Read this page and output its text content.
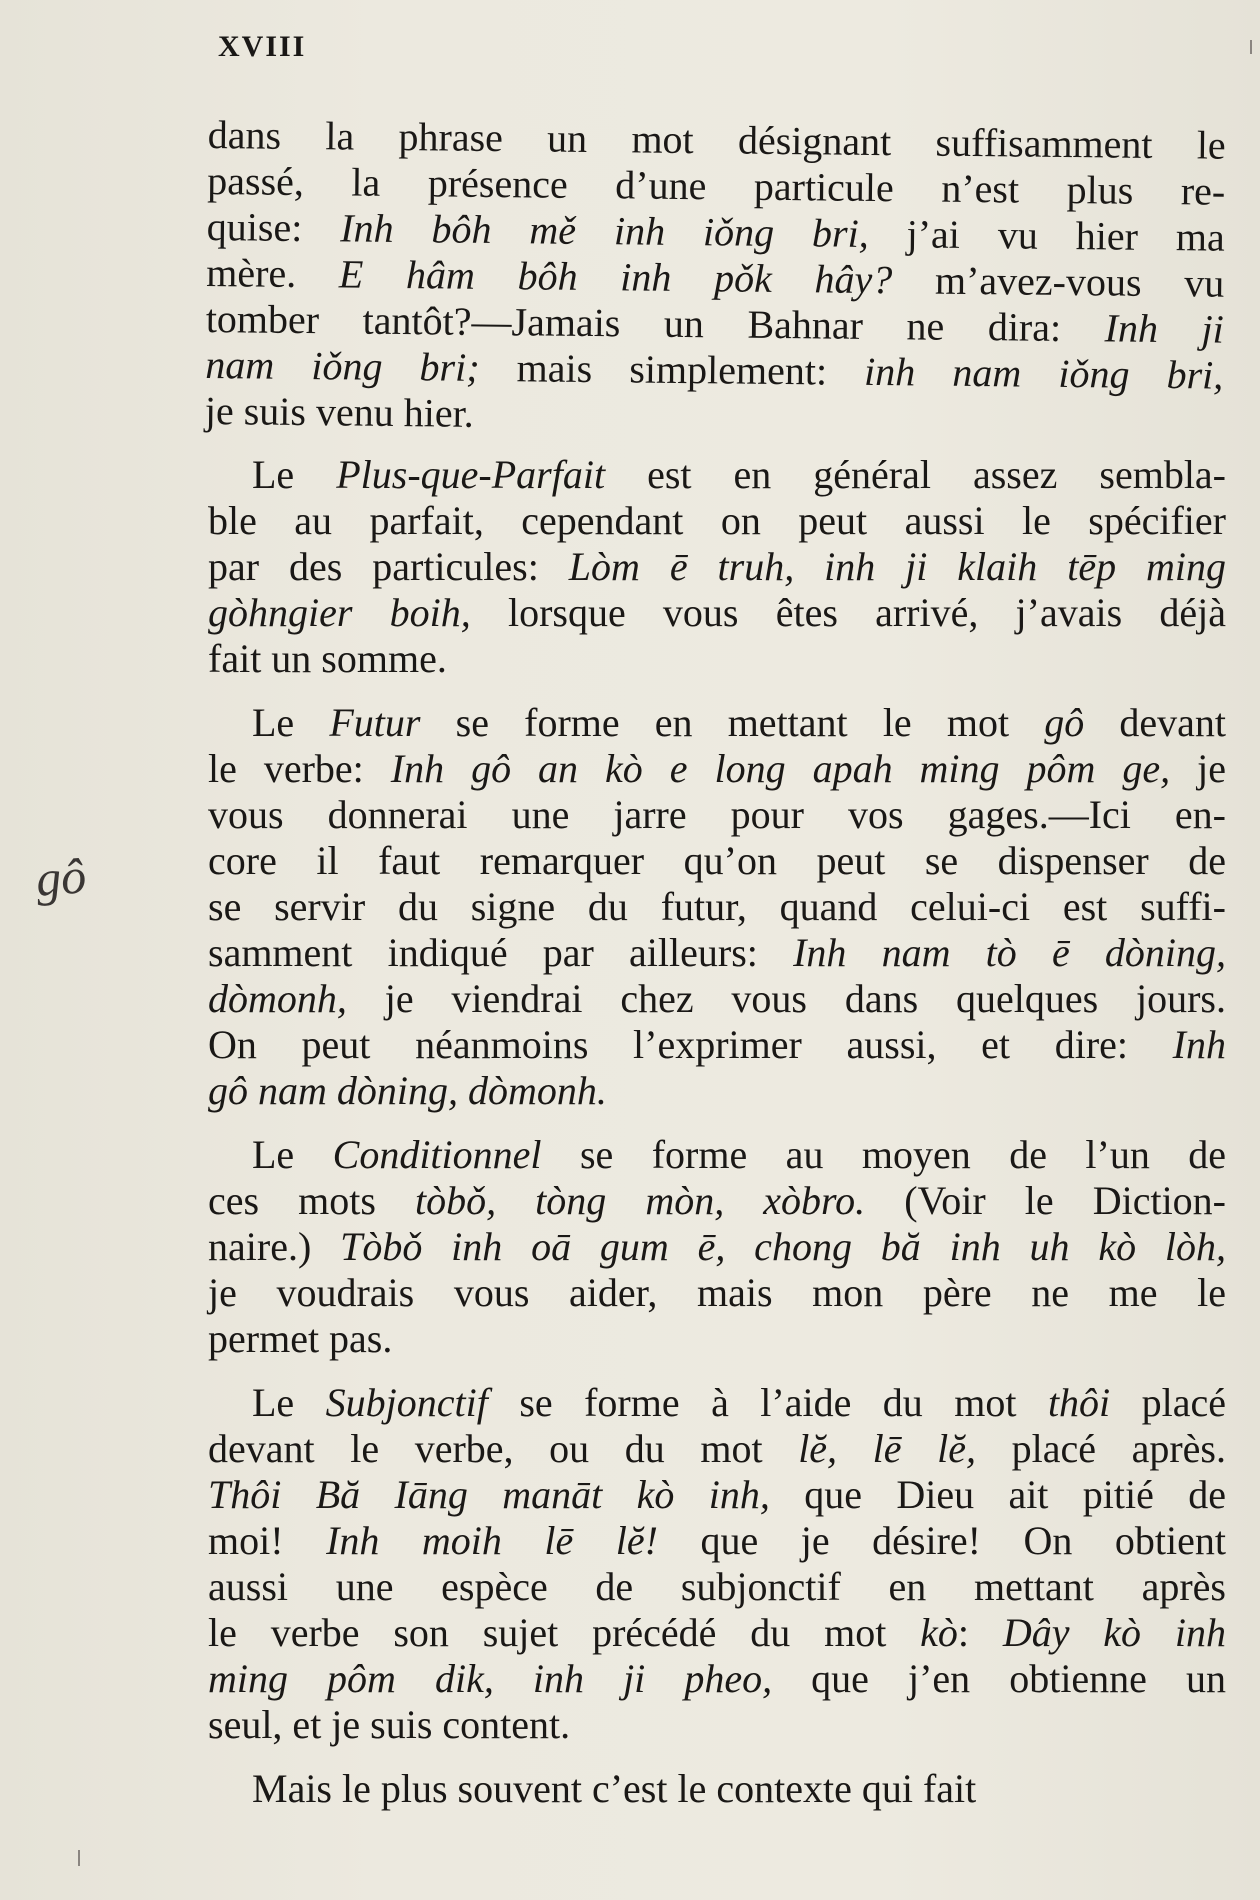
XVIII
gô
dans la phrase un mot désignant suffisamment le
passé, la présence d’une particule n’est plus re-
quise: Inh bôh mě inh iǒng bri, j’ai vu hier ma
mère. E hâm bôh inh pǒk hây? m’avez-vous vu
tomber tantôt?—Jamais un Bahnar ne dira: Inh ji
nam iǒng bri; mais simplement: inh nam iǒng bri,
je suis venu hier.
Le Plus-que-Parfait est en général assez sembla-
ble au parfait, cependant on peut aussi le spécifier
par des particules: Lòm ē truh, inh ji klaih tēp ming
gòhngier boih, lorsque vous êtes arrivé, j’avais déjà
fait un somme.
Le Futur se forme en mettant le mot gô devant
le verbe: Inh gô an kò e long apah ming pôm ge, je
vous donnerai une jarre pour vos gages.—Ici en-
core il faut remarquer qu’on peut se dispenser de
se servir du signe du futur, quand celui-ci est suffi-
samment indiqué par ailleurs: Inh nam tò ē dòning,
dòmonh, je viendrai chez vous dans quelques jours.
On peut néanmoins l’exprimer aussi, et dire: Inh
gô nam dòning, dòmonh.
Le Conditionnel se forme au moyen de l’un de
ces mots tòbǒ, tòng mòn, xòbro. (Voir le Diction-
naire.) Tòbǒ inh oā gum ē, chong bă inh uh kò lòh,
je voudrais vous aider, mais mon père ne me le
permet pas.
Le Subjonctif se forme à l’aide du mot thôi placé
devant le verbe, ou du mot lĕ, lē lĕ, placé après.
Thôi Bă Iāng manāt kò inh, que Dieu ait pitié de
moi! Inh moih lē lĕ! que je désire! On obtient
aussi une espèce de subjonctif en mettant après
le verbe son sujet précédé du mot kò: Dây kò inh
ming pôm dik, inh ji pheo, que j’en obtienne un
seul, et je suis content.
Mais le plus souvent c’est le contexte qui fait
